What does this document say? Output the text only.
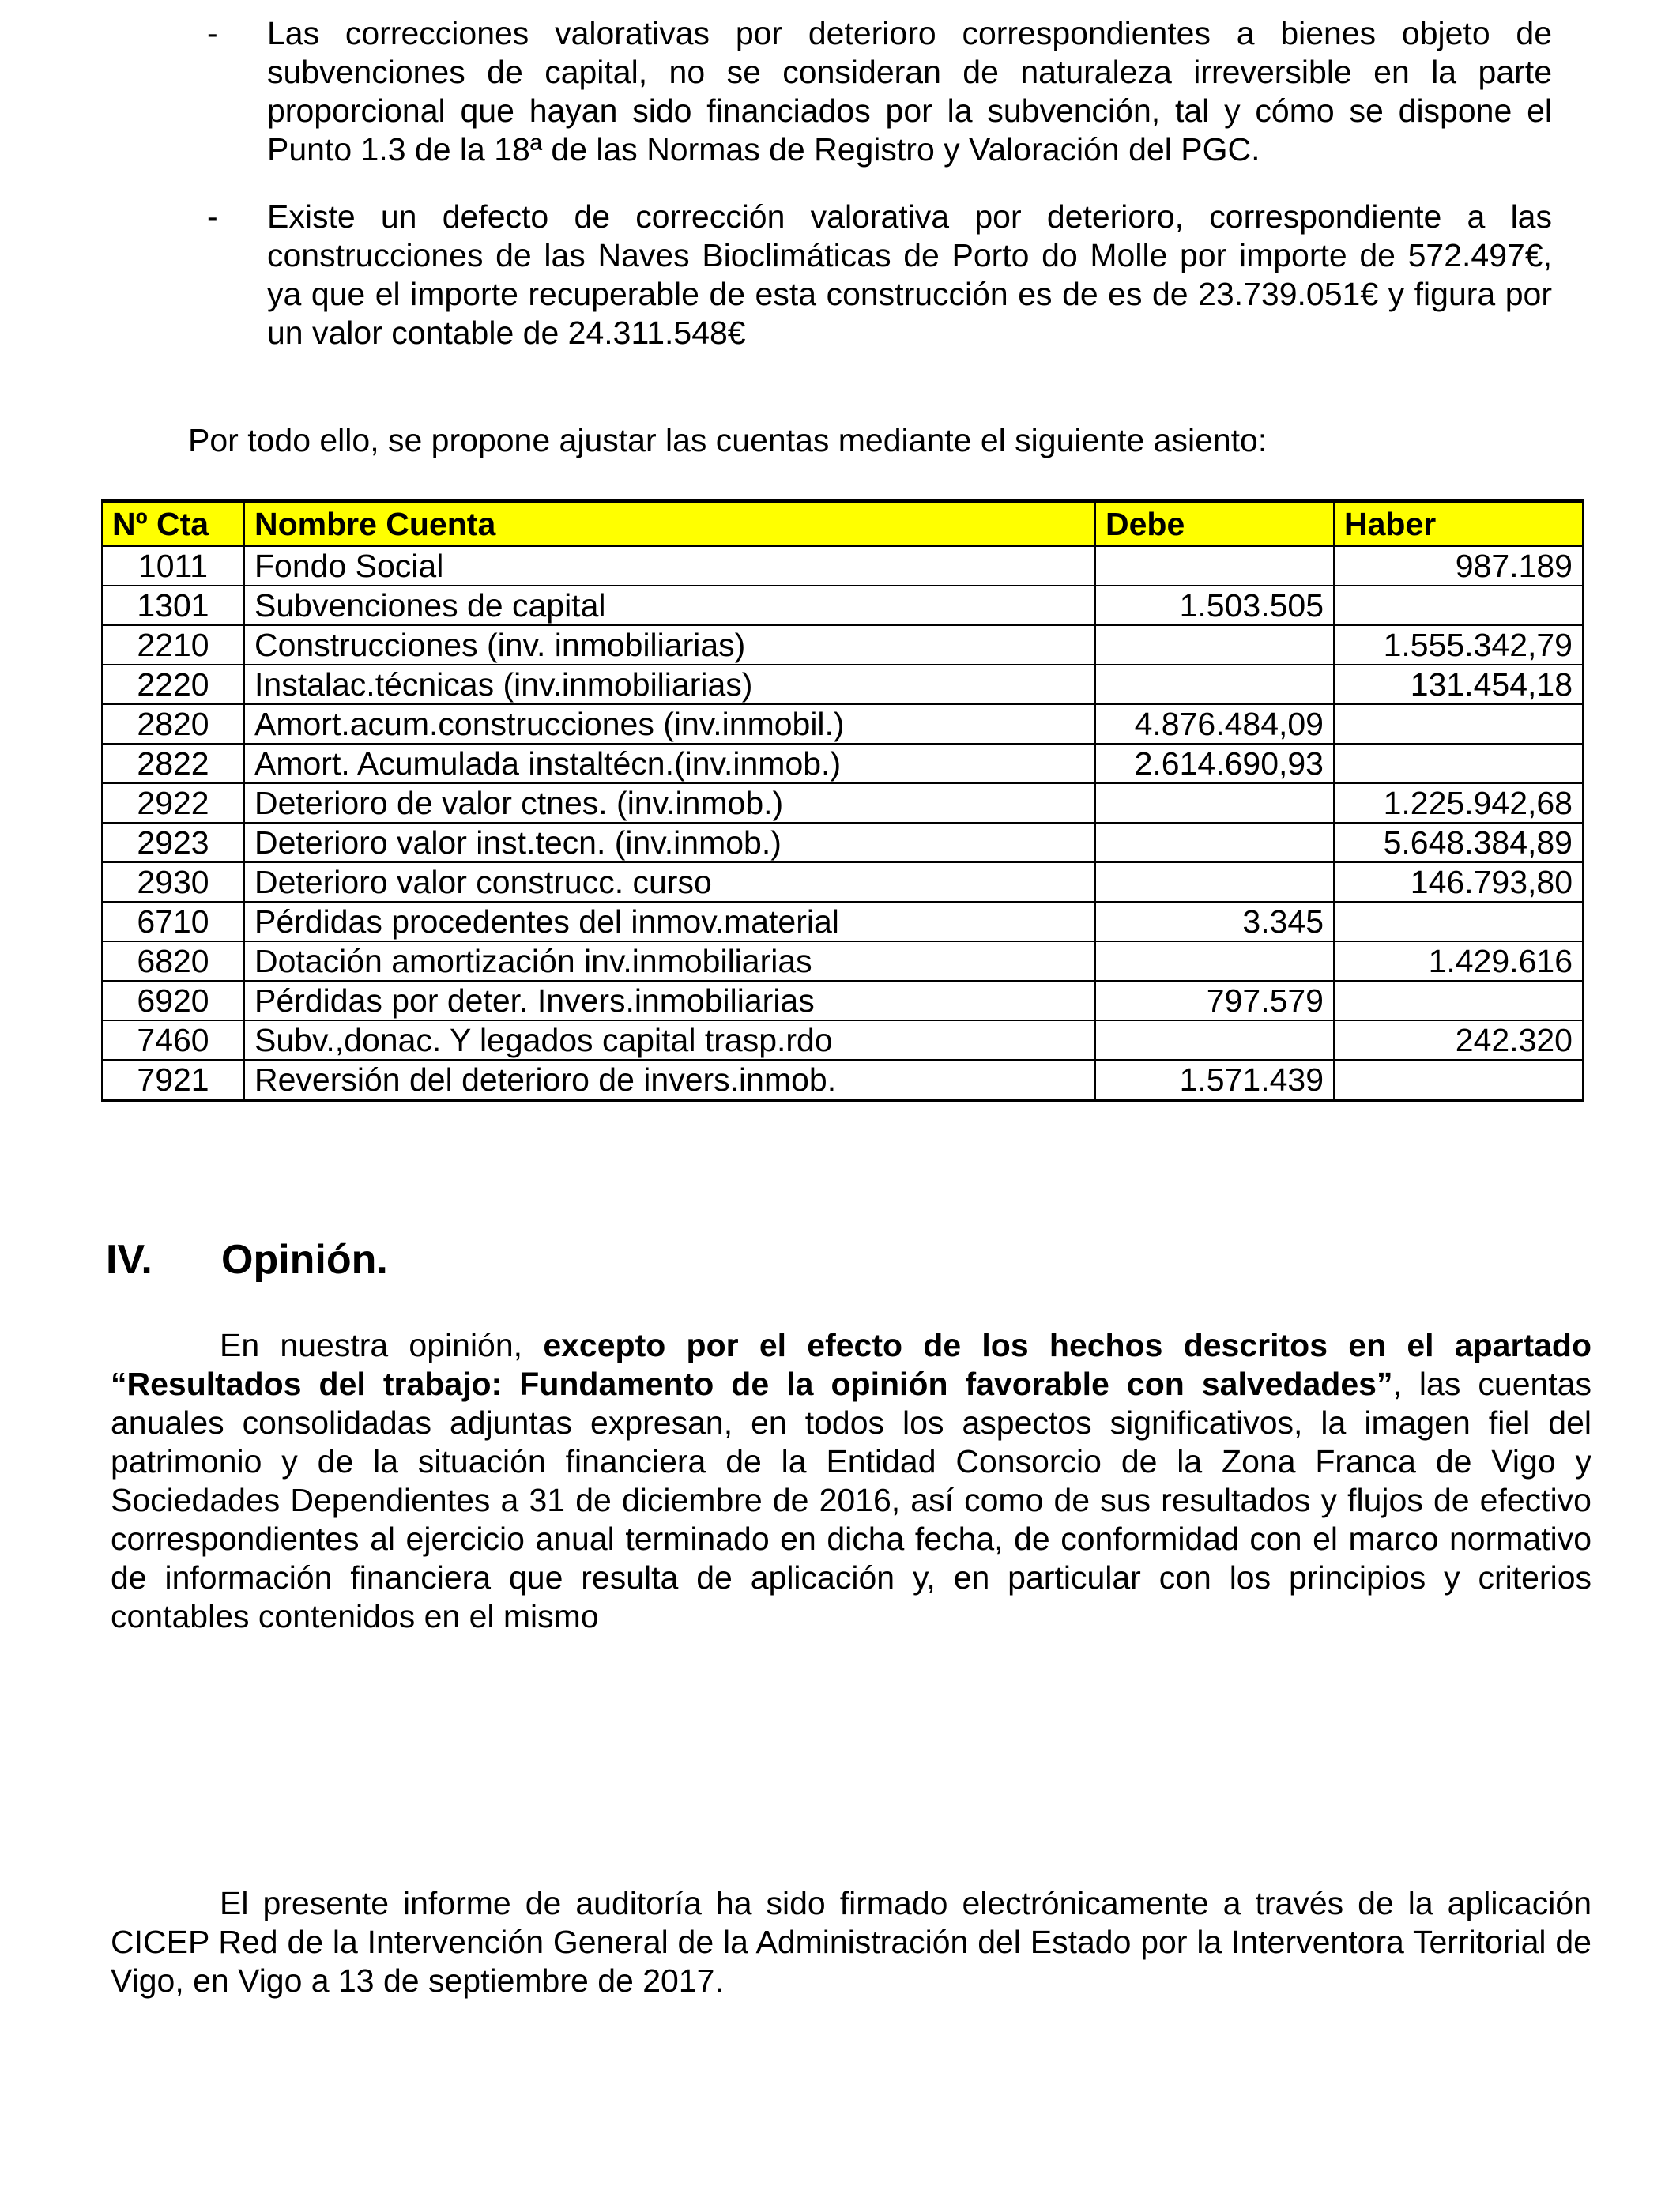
- Las correcciones valorativas por deterioro correspondientes a bienes objeto de subvenciones de capital, no se consideran de naturaleza irreversible en la parte proporcional que hayan sido financiados por la subvención, tal y cómo se dispone el Punto 1.3 de la 18ª de las Normas de Registro y Valoración del PGC.
- Existe un defecto de corrección valorativa por deterioro, correspondiente a las construcciones de las Naves Bioclimáticas de Porto do Molle por importe de 572.497€, ya que el importe recuperable de esta construcción es de es de 23.739.051€ y figura por un valor contable de 24.311.548€
Por todo ello, se propone ajustar las cuentas mediante el siguiente asiento:
Nº Cta	Nombre Cuenta	Debe	Haber
1011	Fondo Social		987.189
1301	Subvenciones de capital	1.503.505	
2210	Construcciones (inv. inmobiliarias)		1.555.342,79
2220	Instalac.técnicas (inv.inmobiliarias)		131.454,18
2820	Amort.acum.construcciones (inv.inmobil.)	4.876.484,09	
2822	Amort. Acumulada instaltécn.(inv.inmob.)	2.614.690,93	
2922	Deterioro de valor ctnes. (inv.inmob.)		1.225.942,68
2923	Deterioro valor inst.tecn. (inv.inmob.)		5.648.384,89
2930	Deterioro valor construcc. curso		146.793,80
6710	Pérdidas procedentes del inmov.material	3.345	
6820	Dotación amortización inv.inmobiliarias		1.429.616
6920	Pérdidas por deter. Invers.inmobiliarias	797.579	
7460	Subv.,donac. Y legados capital trasp.rdo		242.320
7921	Reversión del deterioro de invers.inmob.	1.571.439	
IV. Opinión.

En nuestra opinión, excepto por el efecto de los hechos descritos en el apartado “Resultados del trabajo: Fundamento de la opinión favorable con salvedades”, las cuentas anuales consolidadas adjuntas expresan, en todos los aspectos significativos, la imagen fiel del patrimonio y de la situación financiera de la Entidad Consorcio de la Zona Franca de Vigo y Sociedades Dependientes a 31 de diciembre de 2016, así como de sus resultados y flujos de efectivo correspondientes al ejercicio anual terminado en dicha fecha, de conformidad con el marco normativo de información financiera que resulta de aplicación y, en particular con los principios y criterios contables contenidos en el mismo

El presente informe de auditoría ha sido firmado electrónicamente a través de la aplicación CICEP Red de la Intervención General de la Administración del Estado por la Interventora Territorial de Vigo, en Vigo a 13 de septiembre de 2017.
